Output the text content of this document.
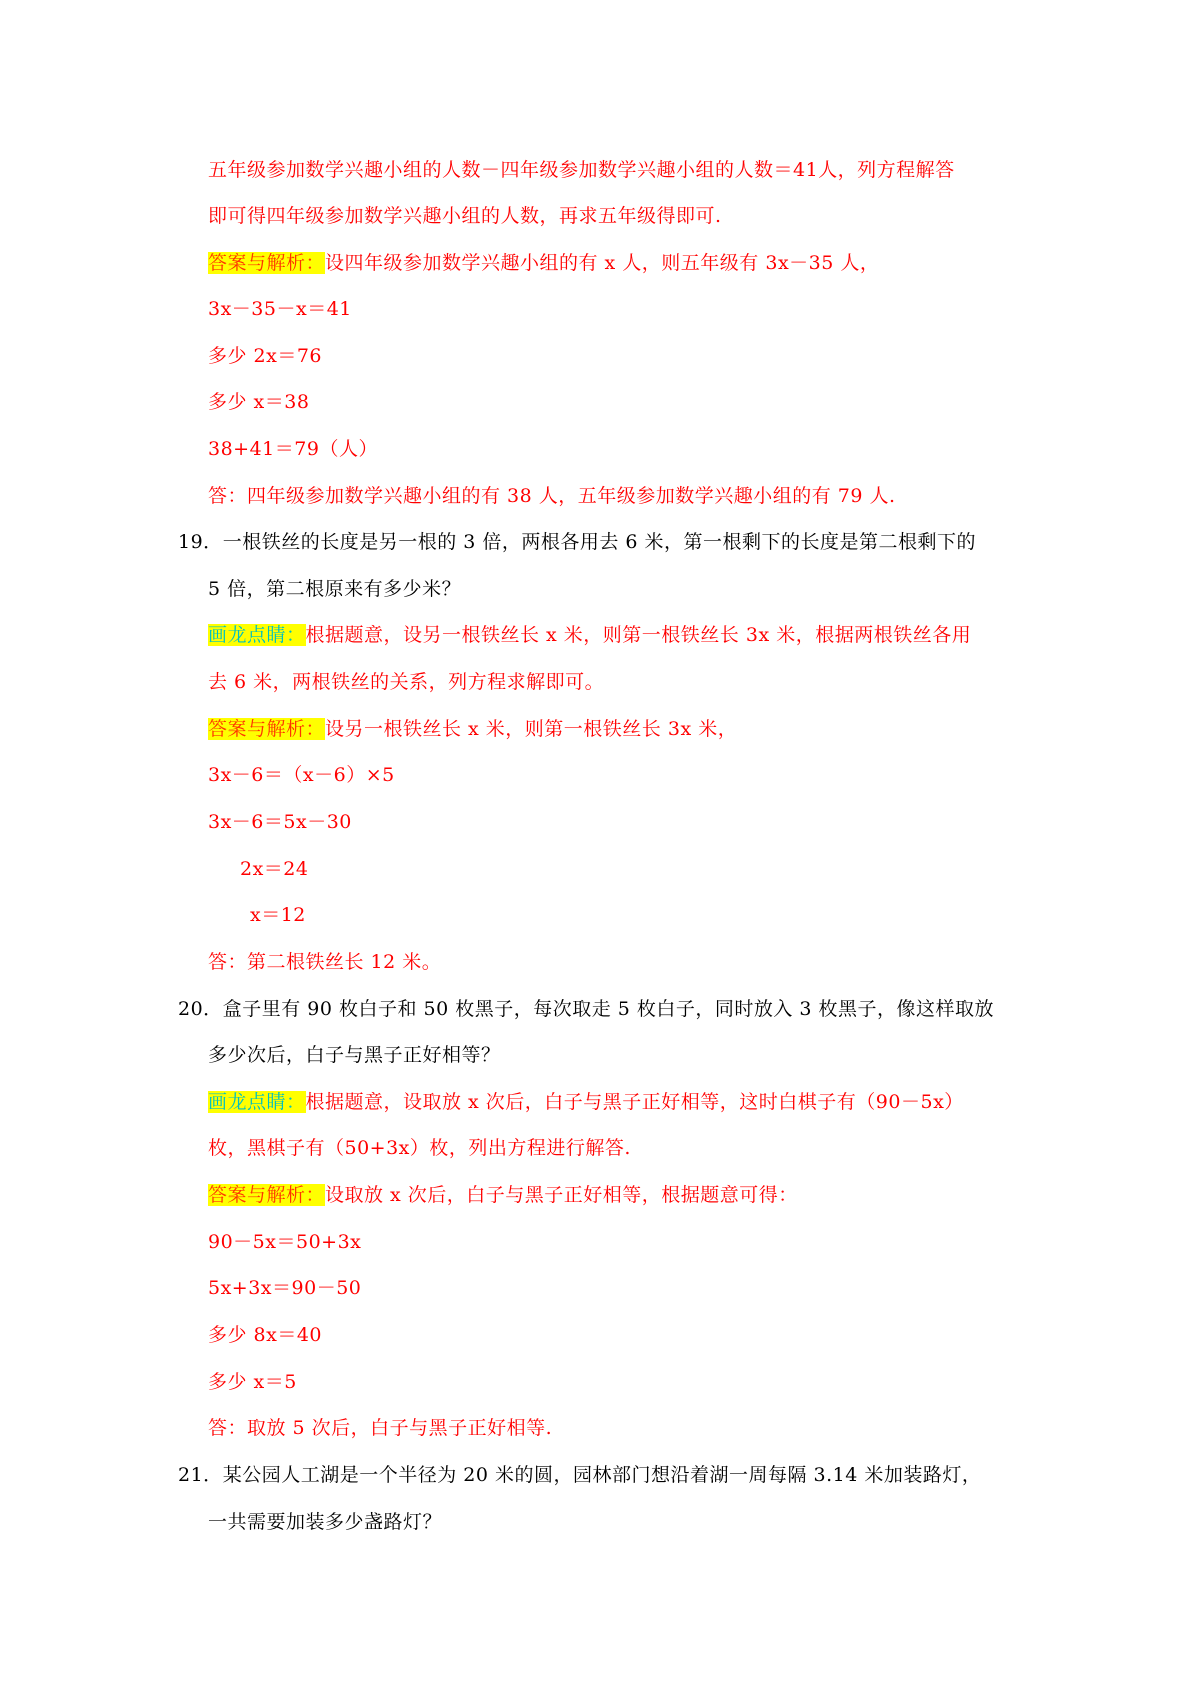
五年级参加数学兴趣小组的人数－四年级参加数学兴趣小组的人数＝41人，列方程解答
即可得四年级参加数学兴趣小组的人数，再求五年级得即可.
答案与解析：设四年级参加数学兴趣小组的有 x 人，则五年级有 3x－35 人，
3x－35－x＝41
多少 2x＝76
多少 x＝38
38+41＝79（人）
答：四年级参加数学兴趣小组的有 38 人，五年级参加数学兴趣小组的有 79 人.
19．一根铁丝的长度是另一根的 3 倍，两根各用去 6 米，第一根剩下的长度是第二根剩下的
5 倍，第二根原来有多少米？
画龙点睛：根据题意，设另一根铁丝长 x 米，则第一根铁丝长 3x 米，根据两根铁丝各用
去 6 米，两根铁丝的关系，列方程求解即可。
答案与解析：设另一根铁丝长 x 米，则第一根铁丝长 3x 米，
3x－6＝（x－6）×5
3x－6＝5x－30
2x＝24
x＝12
答：第二根铁丝长 12 米。
20．盒子里有 90 枚白子和 50 枚黑子，每次取走 5 枚白子，同时放入 3 枚黑子，像这样取放
多少次后，白子与黑子正好相等？
画龙点睛：根据题意，设取放 x 次后，白子与黑子正好相等，这时白棋子有（90－5x）
枚，黑棋子有（50+3x）枚，列出方程进行解答.
答案与解析：设取放 x 次后，白子与黑子正好相等，根据题意可得：
90－5x＝50+3x
5x+3x＝90－50
多少 8x＝40
多少 x＝5
答：取放 5 次后，白子与黑子正好相等.
21．某公园人工湖是一个半径为 20 米的圆，园林部门想沿着湖一周每隔 3.14 米加装路灯，
一共需要加装多少盏路灯？
